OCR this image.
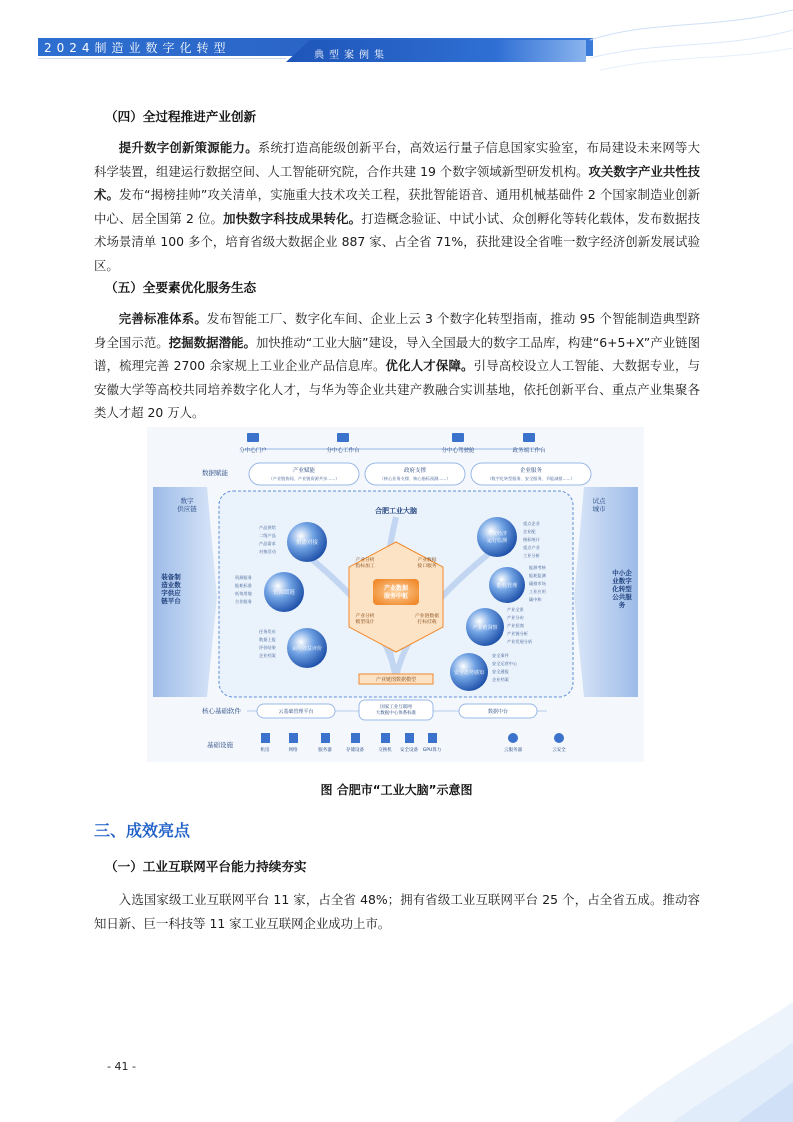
2024制造业数字化转型
典型案例集
（四）全过程推进产业创新
提升数字创新策源能力。系统打造高能级创新平台，高效运行量子信息国家实验室，布局建设未来网等大科学装置，组建运行数据空间、人工智能研究院，合作共建 19 个数字领域新型研发机构。攻关数字产业共性技术。发布“揭榜挂帅”攻关清单，实施重大技术攻关工程，获批智能语音、通用机械基础件 2 个国家制造业创新中心、居全国第 2 位。加快数字科技成果转化。打造概念验证、中试小试、众创孵化等转化载体，发布数据技术场景清单 100 多个，培育省级大数据企业 887 家、占全省 71%，获批建设全省唯一数字经济创新发展试验区。
（五）全要素优化服务生态
完善标准体系。发布智能工厂、数字化车间、企业上云 3 个数字化转型指南，推动 95 个智能制造典型跻身全国示范。挖掘数据潜能。加快推动“工业大脑”建设，导入全国最大的数字工品库，构建“6+5+X”产业链图谱，梳理完善 2700 余家规上工业企业产品信息库。优化人才保障。引导高校设立人工智能、大数据专业，与安徽大学等高校共同培养数字化人才，与华为等企业共建产教融合实训基地，依托创新平台、重点产业集聚各类人才超 20 万人。
分中心门户	分中心工作台	分中心驾驶舱	政务端工作台
数据赋能	产业赋能
（产业链协同、产业链资源共享......）
政府支撑
（核心业务支撑、核心指标预测......）
企业服务
（数字化转型服务、安全服务、节能减排......）
数字供应链
装备制造业数字供应链平台
试点城市
中小企业数字化转型公共服务
合肥工业大脑
产业数据服务中枢
产业分析指标加工
产业数据接口服务
产业分析模型设计
产业链数据打标挂载
产业链图数据模型
供需对接
资源缓链
亩均效益评价
产品供给
二级产品
产品需求
对接活动
资源服务
能耗标准
低效用地
合作服务
任务发布
数据上报
评价结果
企业档案
工业经济运行监测
能耗管理
产业链洞察
安全态势感知
重点企业
企业配
指标统计
重点产业
工业分析
能源考核
能耗监测
碳排市场
工业应用
碳中和
产业全景
产业分布
产业招商
产业链分析
产业发展分析
安全事件
安全运营中心
安全通报
企业档案
核心基础软件	云基础管理平台
国家工业互联网大数据中心体系标准	数据中台
基础设施
机房	网络	服务器	存储设备	交换机 安全设备 GPU算力	云服务器	云安全
图 合肥市“工业大脑”示意图
三、成效亮点
（一）工业互联网平台能力持续夯实
入选国家级工业互联网平台 11 家，占全省 48%；拥有省级工业互联网平台 25 个，占全省五成。推动容知日新、巨一科技等 11 家工业互联网企业成功上市。
- 41 -
